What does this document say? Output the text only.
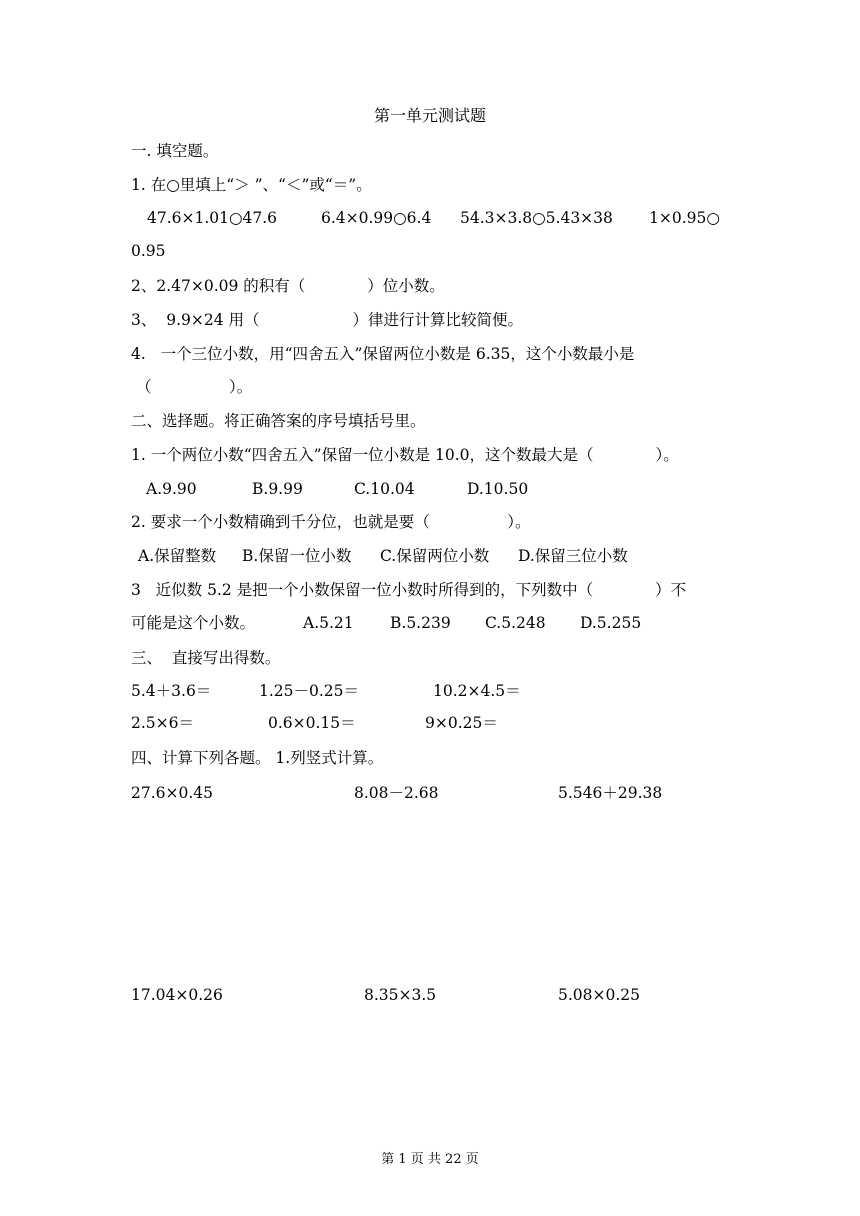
第一单元测试题
一. 填空题。
1. 在○里填上“＞ ”、“＜”或“＝”。
47.6×1.01○47.6	6.4×0.99○6.4 54.3×3.8○5.43×38 1×0.95○
0.95
2、2.47×0.09 的积有（　　　　）位小数。
3、  9.9×24 用（　　　　　　）律进行计算比较简便。
4.   一个三位小数，用“四舍五入”保留两位小数是 6.35，这个小数最小是
（　　　　　）。
二、选择题。将正确答案的序号填括号里。
1. 一个两位小数“四舍五入”保留一位小数是 10.0，这个数最大是（　　　　）。
A.9.90	B.9.99	C.10.04	D.10.50
2. 要求一个小数精确到千分位，也就是要（　　　　　）。
A.保留整数 B.保留一位小数 C.保留两位小数 D.保留三位小数
3   近似数 5.2 是把一个小数保留一位小数时所得到的，下列数中（　　　　）不
可能是这个小数。	A.5.21 B.5.239 C.5.248 D.5.255
三、  直接写出得数。
5.4＋3.6＝	1.25－0.25＝	10.2×4.5＝
2.5×6＝	0.6×0.15＝	9×0.25＝
四、计算下列各题。 1.列竖式计算。
27.6×0.45	8.08－2.68	5.546＋29.38
17.04×0.26	8.35×3.5	5.08×0.25
第 1 页 共 22 页
